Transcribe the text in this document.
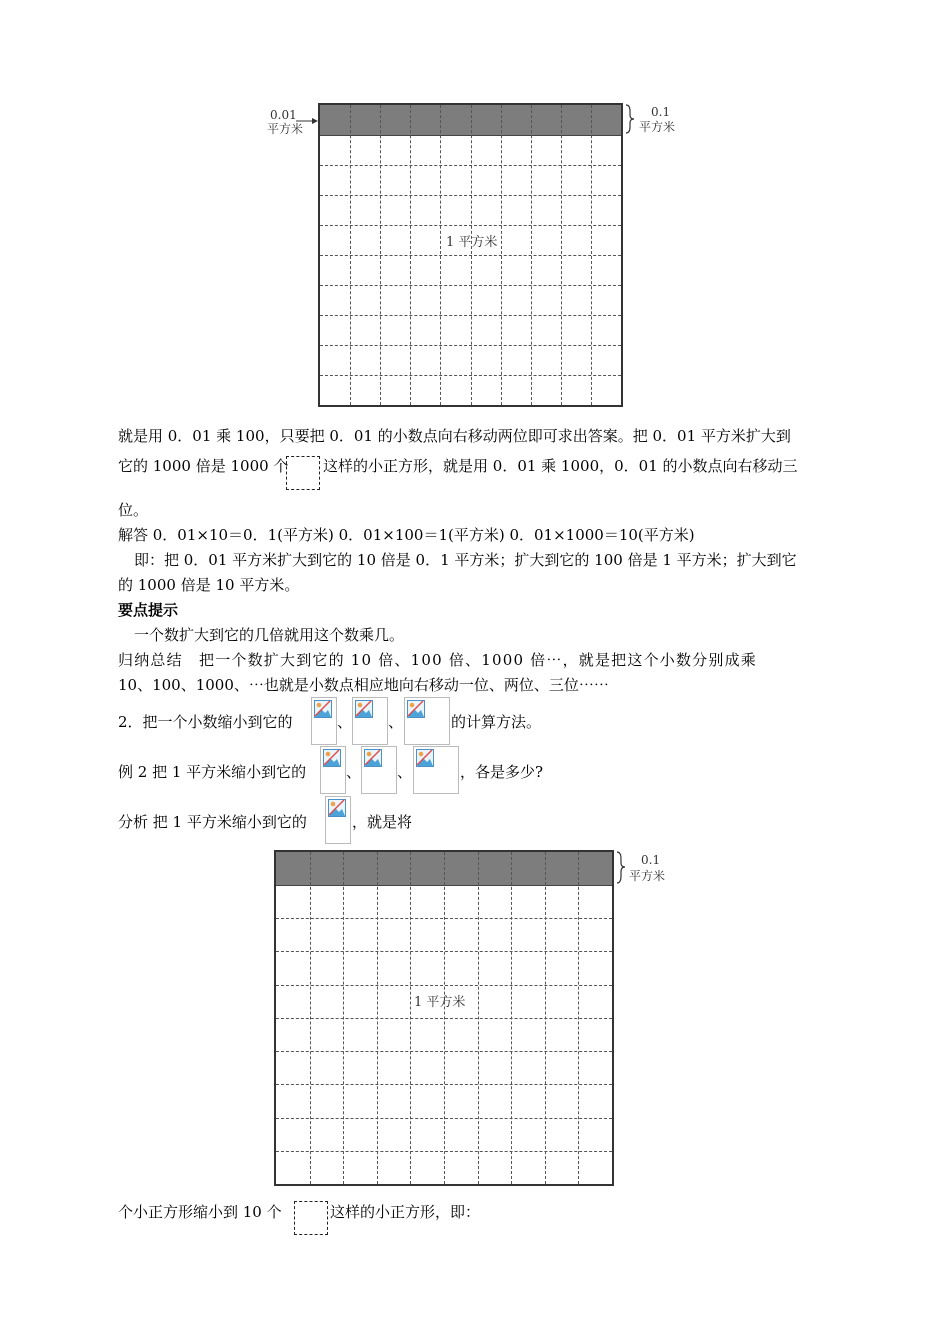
0.01
平方米
0.1
平方米
1 平方米
就是用 0．01 乘 100，只要把 0．01 的小数点向右移动两位即可求出答案。把 0．01 平方米扩大到
它的 1000 倍是 1000 个 这样的小正方形，就是用 0．01 乘 1000，0．01 的小数点向右移动三
位。
解答 0．01×10＝0．1(平方米) 0．01×100＝1(平方米) 0．01×1000＝10(平方米)
即：把 0．01 平方米扩大到它的 10 倍是 0．1 平方米；扩大到它的 100 倍是 1 平方米；扩大到它
的 1000 倍是 10 平方米。
要点提示
一个数扩大到它的几倍就用这个数乘几。
归纳总结　把一个数扩大到它的 10 倍、100 倍、1000 倍⋯，就是把这个小数分别成乘
10、100、1000、⋯也就是小数点相应地向右移动一位、两位、三位⋯⋯
2．把一个小数缩小到它的	、 、	的计算方法。
例 2 把 1 平方米缩小到它的	、 、	，各是多少?
分析 把 1 平方米缩小到它的	，就是将
0.1
平方米
1 平方米
个小正方形缩小到 10 个	这样的小正方形，即：
